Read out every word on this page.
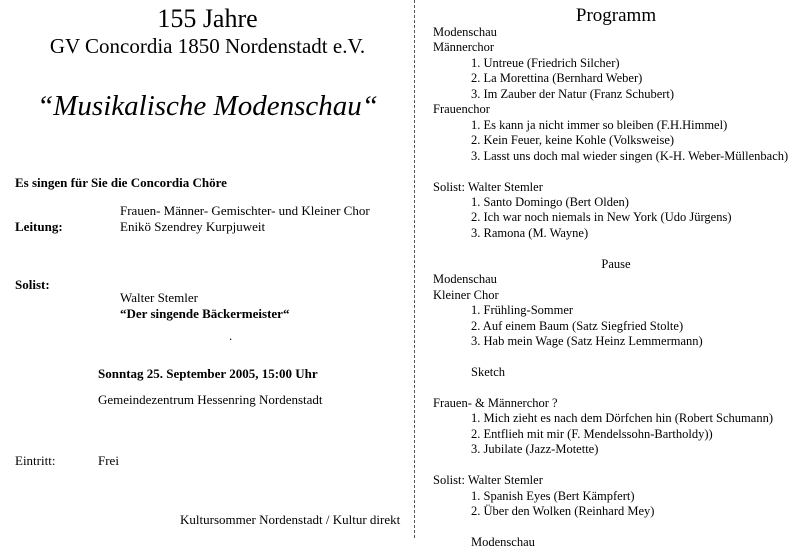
155 Jahre
GV Concordia 1850 Nordenstadt e.V.
“Musikalische Modenschau“
Es singen für Sie die Concordia Chöre
Frauen- Männer- Gemischter- und Kleiner Chor
Leitung:	Enikö Szendrey Kurpjuweit
Solist:
Walter Stemler
“Der singende Bäckermeister“
.
Sonntag 25. September 2005, 15:00 Uhr
Gemeindezentrum Hessenring Nordenstadt
Eintritt:	Frei
Kultursommer Nordenstadt / Kultur direkt
Programm
Modenschau
Männerchor
1. Untreue (Friedrich Silcher)
2. La Morettina (Bernhard Weber)
3. Im Zauber der Natur (Franz Schubert)
Frauenchor
1. Es kann ja nicht immer so bleiben (F.H.Himmel)
2. Kein Feuer, keine Kohle (Volksweise)
3. Lasst uns doch mal wieder singen (K-H. Weber-Müllenbach)
Solist: Walter Stemler
1. Santo Domingo (Bert Olden)
2. Ich war noch niemals in New York (Udo Jürgens)
3. Ramona (M. Wayne)
Pause
Modenschau
Kleiner Chor
1. Frühling-Sommer
2. Auf einem Baum (Satz Siegfried Stolte)
3. Hab mein Wage (Satz Heinz Lemmermann)
Sketch
Frauen- & Männerchor ?
1. Mich zieht es nach dem Dörfchen hin (Robert Schumann)
2. Entflieh mit mir (F. Mendelssohn-Bartholdy))
3. Jubilate (Jazz-Motette)
Solist: Walter Stemler
1. Spanish Eyes (Bert Kämpfert)
2. Über den Wolken (Reinhard Mey)
Modenschau
